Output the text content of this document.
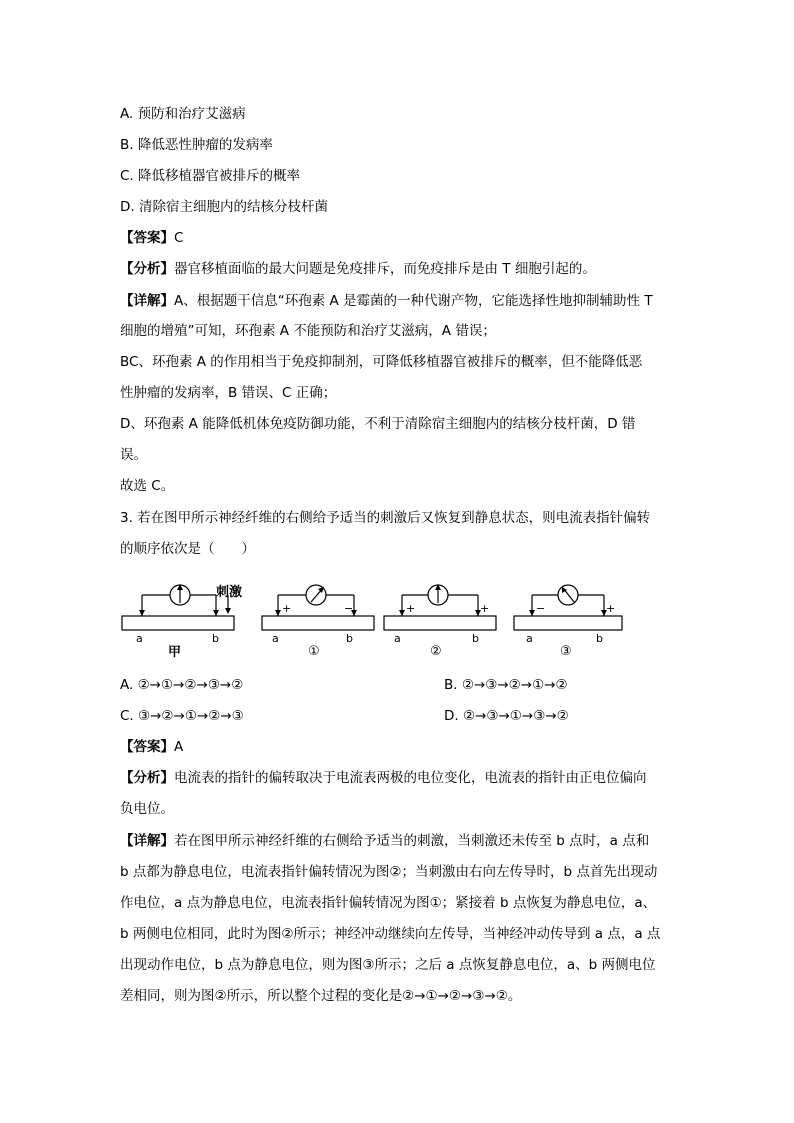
A. 预防和治疗艾滋病
B. 降低恶性肿瘤的发病率
C. 降低移植器官被排斥的概率
D. 清除宿主细胞内的结核分枝杆菌
【答案】C
【分析】器官移植面临的最大问题是免疫排斥，而免疫排斥是由 T 细胞引起的。
【详解】A、根据题干信息“环孢素 A 是霉菌的一种代谢产物，它能选择性地抑制辅助性 T
细胞的增殖”可知，环孢素 A 不能预防和治疗艾滋病，A 错误；
BC、环孢素 A 的作用相当于免疫抑制剂，可降低移植器官被排斥的概率，但不能降低恶
性肿瘤的发病率，B 错误、C 正确；
D、环孢素 A 能降低机体免疫防御功能，不利于清除宿主细胞内的结核分枝杆菌，D 错
误。
故选 C。
3. 若在图甲所示神经纤维的右侧给予适当的刺激后又恢复到静息状态，则电流表指针偏转
的顺序依次是（　　）
刺激
a	b
甲
+	−
a	b
①
+	+
a	b
②
−	+
a	b
③
A. ②→①→②→③→②	B. ②→③→②→①→②
C. ③→②→①→②→③	D. ②→③→①→③→②
【答案】A
【分析】电流表的指针的偏转取决于电流表两极的电位变化，电流表的指针由正电位偏向
负电位。
【详解】若在图甲所示神经纤维的右侧给予适当的刺激，当刺激还未传至 b 点时，a 点和
b 点都为静息电位，电流表指针偏转情况为图②；当刺激由右向左传导时，b 点首先出现动
作电位，a 点为静息电位，电流表指针偏转情况为图①；紧接着 b 点恢复为静息电位，a、
b 两侧电位相同，此时为图②所示；神经冲动继续向左传导，当神经冲动传导到 a 点，a 点
出现动作电位，b 点为静息电位，则为图③所示；之后 a 点恢复静息电位，a、b 两侧电位
差相同，则为图②所示，所以整个过程的变化是②→①→②→③→②。
